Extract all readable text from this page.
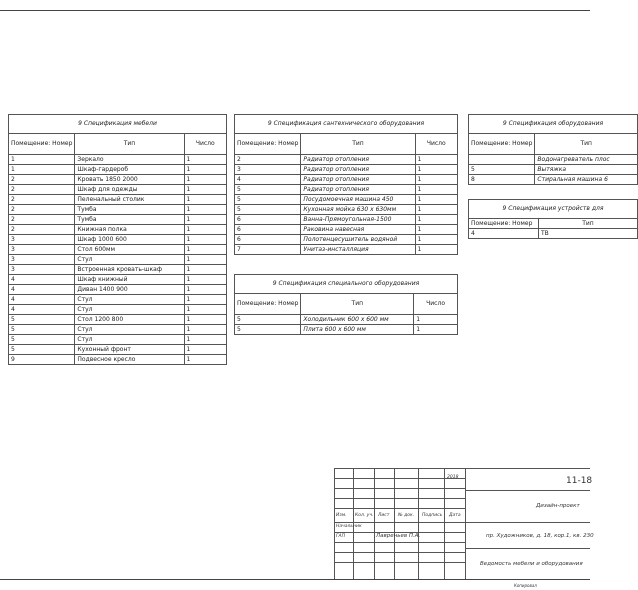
9 Спецификация мебели		
Помещение: Номер	Тип	Число
1	Зеркало	1
1	Шкаф-гардероб	1
2	Кровать 1850 2000	1
2	Шкаф для одежды	1
2	Пеленальный столик	1
2	Тумба	1
2	Тумба	1
2	Книжная полка	1
3	Шкаф 1000 600	1
3	Стол 600мм	1
3	Стул	1
3	Встроенная кровать-шкаф	1
4	Шкаф книжный	1
4	Диван 1400 900	1
4	Стул	1
4	Стул	1
5	Стол 1200 800	1
5	Стул	1
5	Стул	1
5	Кухонный фронт	1
9	Подвесное кресло	1
9 Спецификация сантехнического оборудования		
Помещение: Номер	Тип	Число
2	Радиатор отопления	1
3	Радиатор отопления	1
4	Радиатор отопления	1
5	Радиатор отопления	1
5	Посудомоечная машина 450	1
5	Кухонная мойка 630 x 630мм	1
6	Ванна-Прямоугольная-1500	1
6	Раковина навесная	1
6	Полотенцесушитель водяной	1
7	Унитаз-инсталляция	1
9 Спецификация специального оборудования		
Помещение: Номер	Тип	Число
5	Холодильник 600 x 600 мм	1
5	Плита 600 x 600 мм	1
9 Спецификация оборудования	
Помещение: Номер	Тип
	Водонагреватель плос
5	Вытяжка
8	Стиральная машина 6
9 Спецификация устройств для	
Помещение: Номер	Тип
4	ТВ
2018	11-18
Дизайн-проект
Изм. Кол. уч. Лист № док. Подпись Дата
Начальник
ГАП	Лавреньев П.А.	пр. Художников, д. 18, кор.1, кв. 230
Ведомость мебели и оборудования
Копировал
